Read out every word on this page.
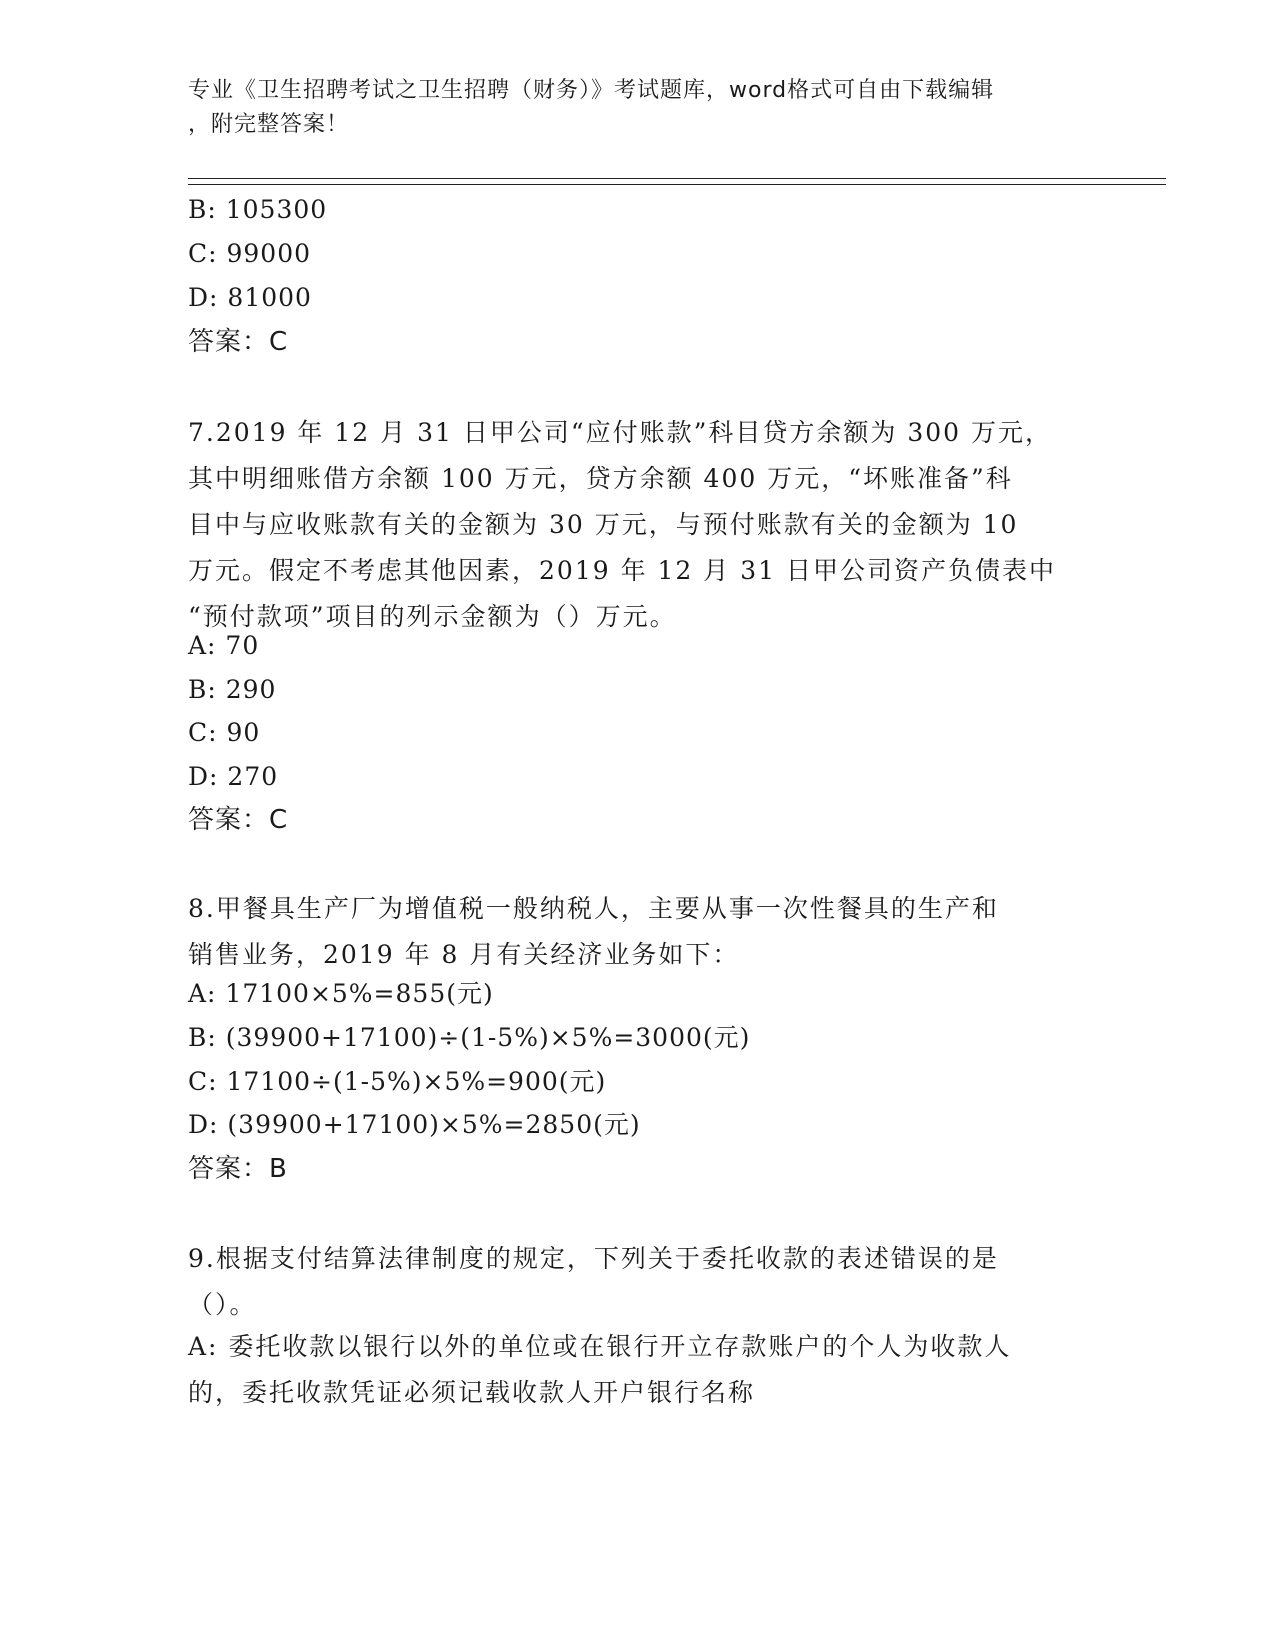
专业《卫生招聘考试之卫生招聘（财务）》考试题库，word格式可自由下载编辑
，附完整答案！
B: 105300
C: 99000
D: 81000
答案：C
7.2019 年 12 月 31 日甲公司“应付账款”科目贷方余额为 300 万元，
其中明细账借方余额 100 万元，贷方余额 400 万元，“坏账准备”科
目中与应收账款有关的金额为 30 万元，与预付账款有关的金额为 10
万元。假定不考虑其他因素，2019 年 12 月 31 日甲公司资产负债表中
“预付款项”项目的列示金额为（）万元。
A: 70
B: 290
C: 90
D: 270
答案：C
8.甲餐具生产厂为增值税一般纳税人，主要从事一次性餐具的生产和
销售业务，2019 年 8 月有关经济业务如下：
A: 17100×5%=855(元)
B: (39900+17100)÷(1-5%)×5%=3000(元)
C: 17100÷(1-5%)×5%=900(元)
D: (39900+17100)×5%=2850(元)
答案：B
9.根据支付结算法律制度的规定，下列关于委托收款的表述错误的是
（）。
A: 委托收款以银行以外的单位或在银行开立存款账户的个人为收款人
的，委托收款凭证必须记载收款人开户银行名称
